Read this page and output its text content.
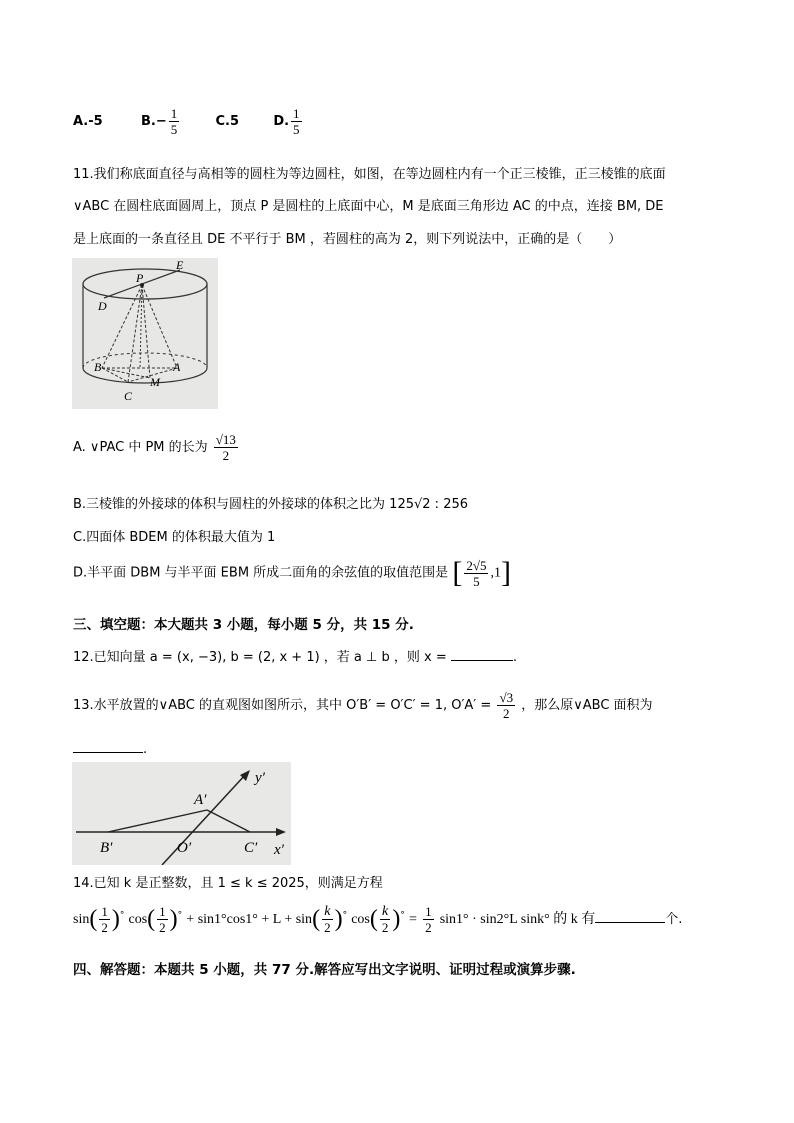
A.-5	$B.- \frac{1}{5}$	C.5	D. $\frac{1}{5}$
11.我们称底面直径与高相等的圆柱为等边圆柱，如图，在等边圆柱内有一个正三棱锥，正三棱锥的底面
∨ABC 在圆柱底面圆周上，顶点 P 是圆柱的上底面中心，M 是底面三角形边 AC 的中点，连接 BM, DE
是上底面的一条直径且 DE 不平行于 BM ，若圆柱的高为 2，则下列说法中，正确的是（　　）
P
E
D
B	A
M
C
A. ∨PAC 中 PM 的长为 $\frac{√13}{2}$
B.三棱锥的外接球的体积与圆柱的外接球的体积之比为 125√2 : 256
C.四面体 BDEM 的体积最大值为 1
D.半平面 DBM 与半平面 EBM 所成二面角的余弦值的取值范围是 [ $\frac{2√5}{5} ,1$]
三、填空题：本大题共 3 小题，每小题 5 分，共 15 分.
12.已知向量 a = (x, −3), b = (2, x + 1) ，若 a ⊥ b ，则 x =	.
13.水平放置的∨ABC 的直观图如图所示，其中 O′B′ = O′C′ = 1, $O'A' = \frac{√3}{2}$ ，那么原∨ABC 面积为
.
y′
A′
B′	O′	C′ x′
14.已知 k 是正整数，且 1 ≤ k ≤ 2025，则满足方程
$\sin( \frac{1}{2} )^\circ$ $\cos( \frac{1}{2} )^\circ + \sin 1^\circ\cos 1^\circ + L + \sin( \frac{k}{2} )^\circ$ $\cos( \frac{k}{2} )^\circ = \frac{1}{2} \sin 1^\circ \cdot \sin 2^\circ L$ sink° 的 k 有	个.
四、解答题：本题共 5 小题，共 77 分.解答应写出文字说明、证明过程或演算步骤.
